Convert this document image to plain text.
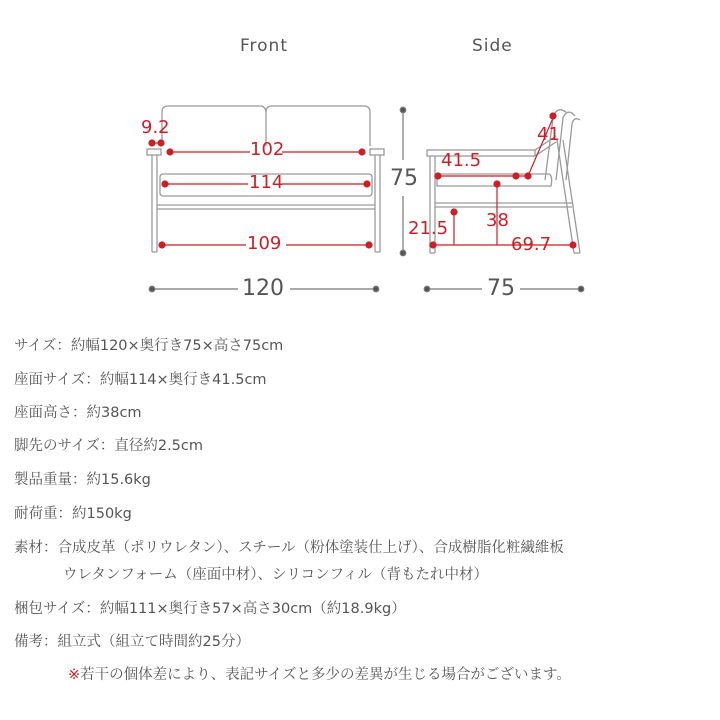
Front	Side
9.2
102
114
109
120
75
41
41.5
38
21.5
69.7
75
サイズ：約幅120×奥行き75×高さ75cm
座面サイズ：約幅114×奥行き41.5cm
座面高さ：約38cm
脚先のサイズ：直径約2.5cm
製品重量：約15.6kg
耐荷重：約150kg
素材：合成皮革（ポリウレタン）、スチール（粉体塗装仕上げ）、合成樹脂化粧繊維板
ウレタンフォーム（座面中材）、シリコンフィル（背もたれ中材）
梱包サイズ：約幅111×奥行き57×高さ30cm（約18.9kg）
備考：組立式（組立て時間約25分）
※若干の個体差により、表記サイズと多少の差異が生じる場合がございます。
